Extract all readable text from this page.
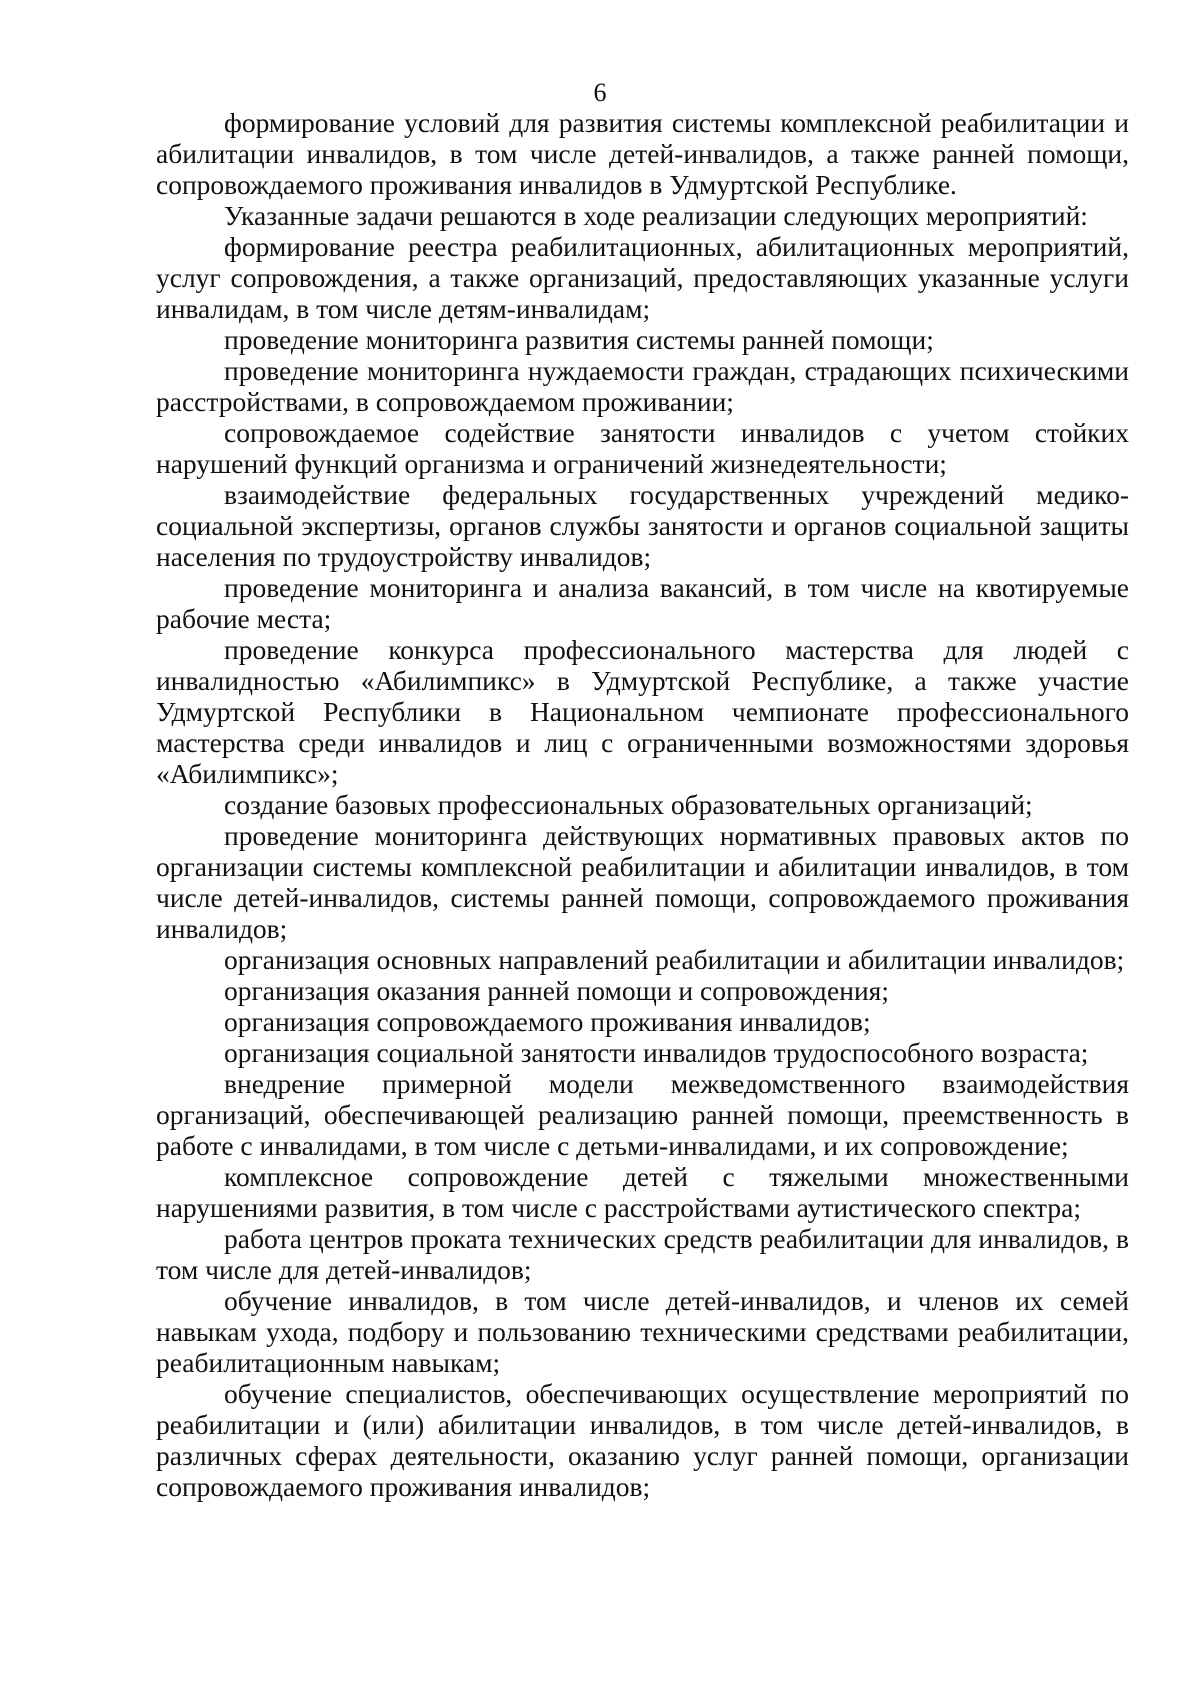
6

формирование условий для развития системы комплексной реабилитации и абилитации инвалидов, в том числе детей-инвалидов, а также ранней помощи, сопровождаемого проживания инвалидов в Удмуртской Республике.

Указанные задачи решаются в ходе реализации следующих мероприятий:

формирование реестра реабилитационных, абилитационных мероприятий, услуг сопровождения, а также организаций, предоставляющих указанные услуги инвалидам, в том числе детям-инвалидам;

проведение мониторинга развития системы ранней помощи;

проведение мониторинга нуждаемости граждан, страдающих психическими расстройствами, в сопровождаемом проживании;

сопровождаемое содействие занятости инвалидов с учетом стойких нарушений функций организма и ограничений жизнедеятельности;

взаимодействие федеральных государственных учреждений медико-социальной экспертизы, органов службы занятости и органов социальной защиты населения по трудоустройству инвалидов;

проведение мониторинга и анализа вакансий, в том числе на квотируемые рабочие места;

проведение конкурса профессионального мастерства для людей с инвалидностью «Абилимпикс» в Удмуртской Республике, а также участие Удмуртской Республики в Национальном чемпионате профессионального мастерства среди инвалидов и лиц с ограниченными возможностями здоровья «Абилимпикс»;

создание базовых профессиональных образовательных организаций;

проведение мониторинга действующих нормативных правовых актов по организации системы комплексной реабилитации и абилитации инвалидов, в том числе детей-инвалидов, системы ранней помощи, сопровождаемого проживания инвалидов;

организация основных направлений реабилитации и абилитации инвалидов;

организация оказания ранней помощи и сопровождения;

организация сопровождаемого проживания инвалидов;

организация социальной занятости инвалидов трудоспособного возраста;

внедрение примерной модели межведомственного взаимодействия организаций, обеспечивающей реализацию ранней помощи, преемственность в работе с инвалидами, в том числе с детьми-инвалидами, и их сопровождение;

комплексное сопровождение детей с тяжелыми множественными нарушениями развития, в том числе с расстройствами аутистического спектра;

работа центров проката технических средств реабилитации для инвалидов, в том числе для детей-инвалидов;

обучение инвалидов, в том числе детей-инвалидов, и членов их семей навыкам ухода, подбору и пользованию техническими средствами реабилитации, реабилитационным навыкам;

обучение специалистов, обеспечивающих осуществление мероприятий по реабилитации и (или) абилитации инвалидов, в том числе детей-инвалидов, в различных сферах деятельности, оказанию услуг ранней помощи, организации сопровождаемого проживания инвалидов;
